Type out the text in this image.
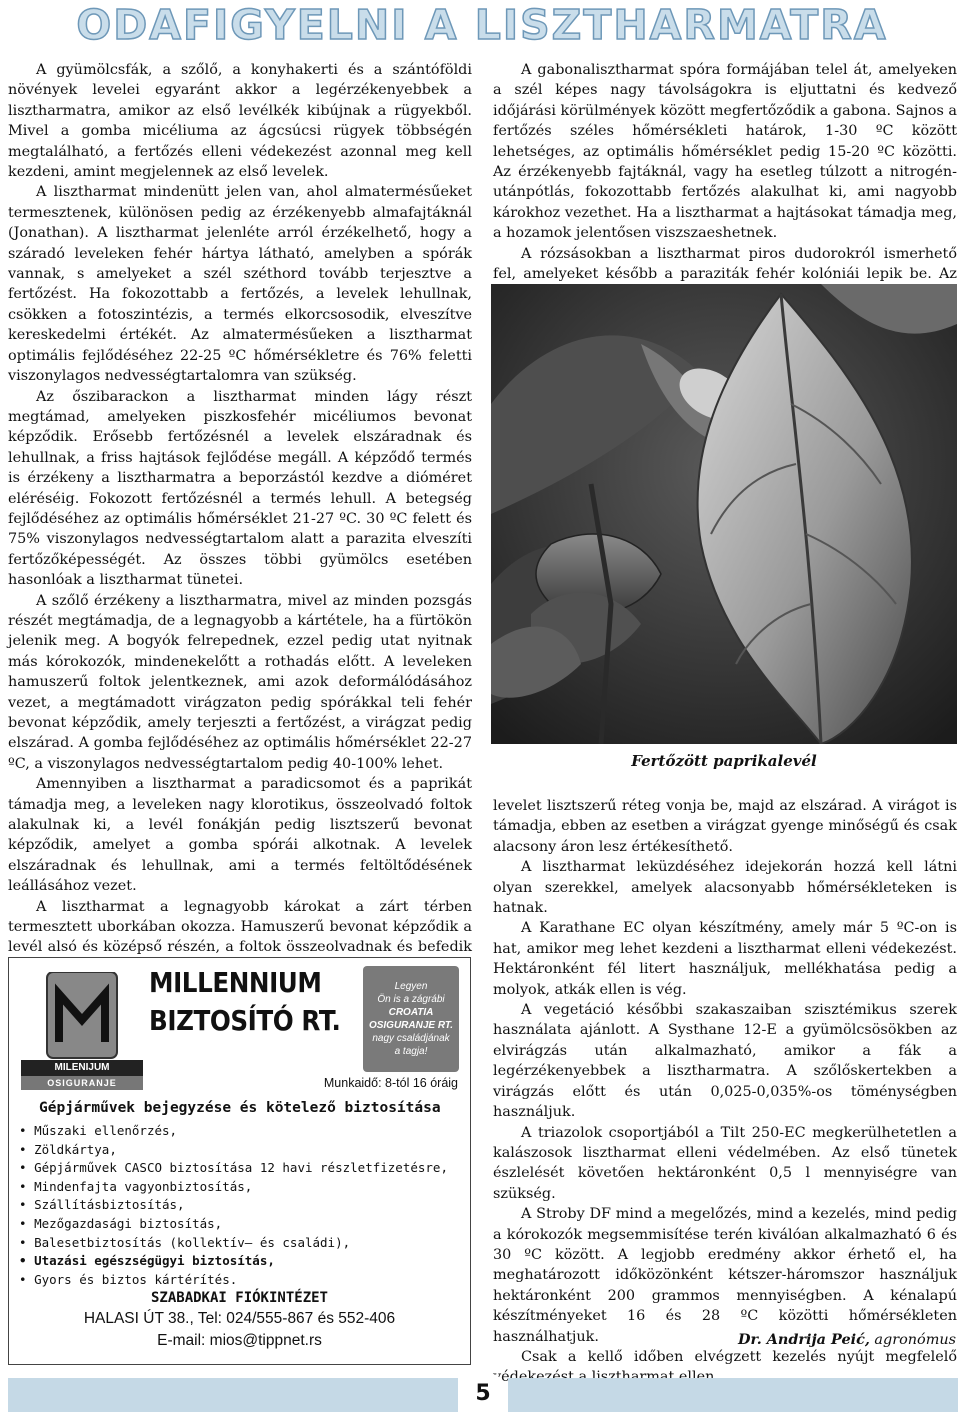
ODAFIGYELNI A LISZTHARMATRA

A gyümölcsfák, a szőlő, a konyhakerti és a szántóföldi növények levelei egyaránt akkor a legérzékenyebbek a lisztharmatra, amikor az első levélkék kibújnak a rügyekből. Mivel a gomba micéliuma az ágcsúcsi rügyek többségén megtalálható, a fertőzés elleni védekezést azonnal meg kell kezdeni, amint megjelennek az első levelek.

A lisztharmat mindenütt jelen van, ahol almatermésűeket termesztenek, különösen pedig az érzékenyebb almafajtáknál (Jonathan). A lisztharmat jelenléte arról érzékelhető, hogy a száradó leveleken fehér hártya látható, amelyben a spórák vannak, s amelyeket a szél széthord tovább terjesztve a fertőzést. Ha fokozottabb a fertőzés, a levelek lehullnak, csökken a fotoszintézis, a termés elkorcsosodik, elveszítve kereskedelmi értékét. Az almatermésűeken a lisztharmat optimális fejlődéséhez 22-25 ºC hőmérsékletre és 76% feletti viszonylagos nedvességtartalomra van szükség.

Az őszibarackon a lisztharmat minden lágy részt megtámad, amelyeken piszkosfehér micéliumos bevonat képződik. Erősebb fertőzésnél a levelek elszáradnak és lehullnak, a friss hajtások fejlődése megáll. A képződő termés is érzékeny a lisztharmatra a beporzástól kezdve a dióméret eléréséig. Fokozott fertőzésnél a termés lehull. A betegség fejlődéséhez az optimális hőmérséklet 21-27 ºC. 30 ºC felett és 75% viszonylagos nedvességtartalom alatt a parazita elveszíti fertőzőképességét. Az összes többi gyümölcs esetében hasonlóak a lisztharmat tünetei.

A szőlő érzékeny a lisztharmatra, mivel az minden pozsgás részét megtámadja, de a legnagyobb a kártétele, ha a fürtökön jelenik meg. A bogyók felrepednek, ezzel pedig utat nyitnak más kórokozók, mindenekelőtt a rothadás előtt. A leveleken hamuszerű foltok jelentkeznek, ami azok deformálódásához vezet, a megtámadott virágzaton pedig spórákkal teli fehér bevonat képződik, amely terjeszti a fertőzést, a virágzat pedig elszárad. A gomba fejlődéséhez az optimális hőmérséklet 22-27 ºC, a viszonylagos nedvességtartalom pedig 40-100% lehet.

Amennyiben a lisztharmat a paradicsomot és a paprikát támadja meg, a leveleken nagy klorotikus, összeolvadó foltok alakulnak ki, a levél fonákján pedig lisztszerű bevonat képződik, amelyet a gomba spórái alkotnak. A levelek elszáradnak és lehullnak, ami a termés feltöltődésének leállásához vezet.

A lisztharmat a legnagyobb károkat a zárt térben termesztett uborkában okozza. Hamuszerű bevonat képződik a levél alsó és középső részén, a foltok összeolvadnak és befedik

A gabonalisztharmat spóra formájában telel át, amelyeken a szél képes nagy távolságokra is eljuttatni és kedvező időjárási körülmények között megfertőződik a gabona. Sajnos a fertőzés széles hőmérsékleti határok, 1-30 ºC között lehetséges, az optimális hőmérséklet pedig 15-20 ºC közötti. Az érzékenyebb fajtáknál, vagy ha esetleg túlzott a nitrogén-utánpótlás, fokozottabb fertőzés alakulhat ki, ami nagyobb károkhoz vezethet. Ha a lisztharmat a hajtásokat támadja meg, a hozamok jelentősen viszszaeshetnek.

A rózsásokban a lisztharmat piros dudorokról ismerhető fel, amelyeket később a paraziták fehér kolóniái lepik be. Az

Fertőzött paprikalevél

levelet lisztszerű réteg vonja be, majd az elszárad. A virágot is támadja, ebben az esetben a virágzat gyenge minőségű és csak alacsony áron lesz értékesíthető.

A lisztharmat leküzdéséhez idejekorán hozzá kell látni olyan szerekkel, amelyek alacsonyabb hőmérsékleteken is hatnak.

A Karathane EC olyan készítmény, amely már 5 ºC-on is hat, amikor meg lehet kezdeni a lisztharmat elleni védekezést. Hektáronként fél litert használjuk, mellékhatása pedig a molyok, atkák ellen is vég.

A vegetáció későbbi szakaszaiban szisztémikus szerek használata ajánlott. A Systhane 12-E a gyümölcsösökben az elvirágzás után alkalmazható, amikor a fák a legérzékenyebbek a lisztharmatra. A szőlőskertekben a virágzás előtt és után 0,025-0,035%-os töménységben használjuk.

A triazolok csoportjából a Tilt 250-EC megkerülhetetlen a kalászosok lisztharmat elleni védelmében. Az első tünetek észlelését követően hektáronként 0,5 l mennyiségre van szükség.

A Stroby DF mind a megelőzés, mind a kezelés, mind pedig a kórokozók megsemmisítése terén kiválóan alkalmazható 6 és 30 ºC között. A legjobb eredmény akkor érhető el, ha meghatározott időközönként kétszer-háromszor használjuk hektáronként 200 grammos mennyiségben. A kénalapú készítményeket 16 és 28 ºC közötti hőmérsékleten használhatjuk.

Csak a kellő időben elvégzett kezelés nyújt megfelelő

Dr. Andrija Peić, agronómus
MILENIJUM
OSIGURANJE
MILLENNIUM
BIZTOSÍTÓ RT.
Legyen
Ön is a zágrábi
CROATIA
OSIGURANJE RT.
nagy családjának
a tagja!
Munkaidő: 8-tól 16 óráig
Gépjárművek bejegyzése és kötelező biztosítása
• Műszaki ellenőrzés,
• Zöldkártya,
• Gépjárművek CASCO biztosítása 12 havi részletfizetésre,
• Mindenfajta vagyonbiztosítás,
• Szállításbiztosítás,
• Mezőgazdasági biztosítás,
• Balesetbiztosítás (kollektív– és családi),
• Utazási egészségügyi biztosítás,
• Gyors és biztos kártérítés.
SZABADKAI FIÓKINTÉZET
HALASI ÚT 38., Tel: 024/555-867 és 552-406
E-mail: mios@tippnet.rs
5
